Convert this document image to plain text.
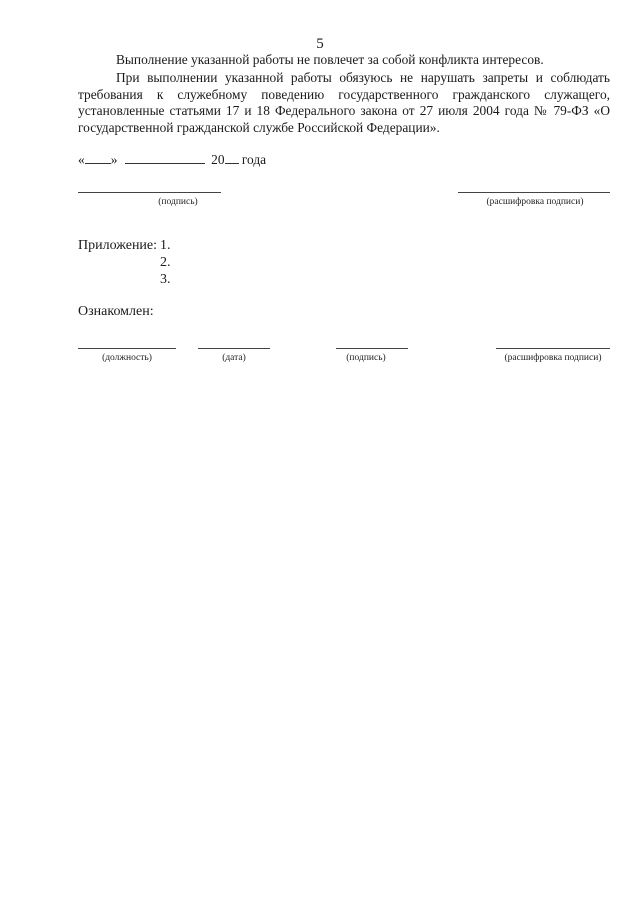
5
Выполнение указанной работы не повлечет за собой конфликта интересов.
При выполнении указанной работы обязуюсь не нарушать запреты и соблюдать требования к служебному поведению государственного гражданского служащего, установленные статьями 17 и 18 Федерального закона от 27 июля 2004 года № 79-ФЗ «О государственной гражданской службе Российской Федерации».
« »	20 года
(подпись)	(расшифровка подписи)
Приложение: 1.
2.
3.
Ознакомлен:
(должность)	(дата)	(подпись)	(расшифровка подписи)
